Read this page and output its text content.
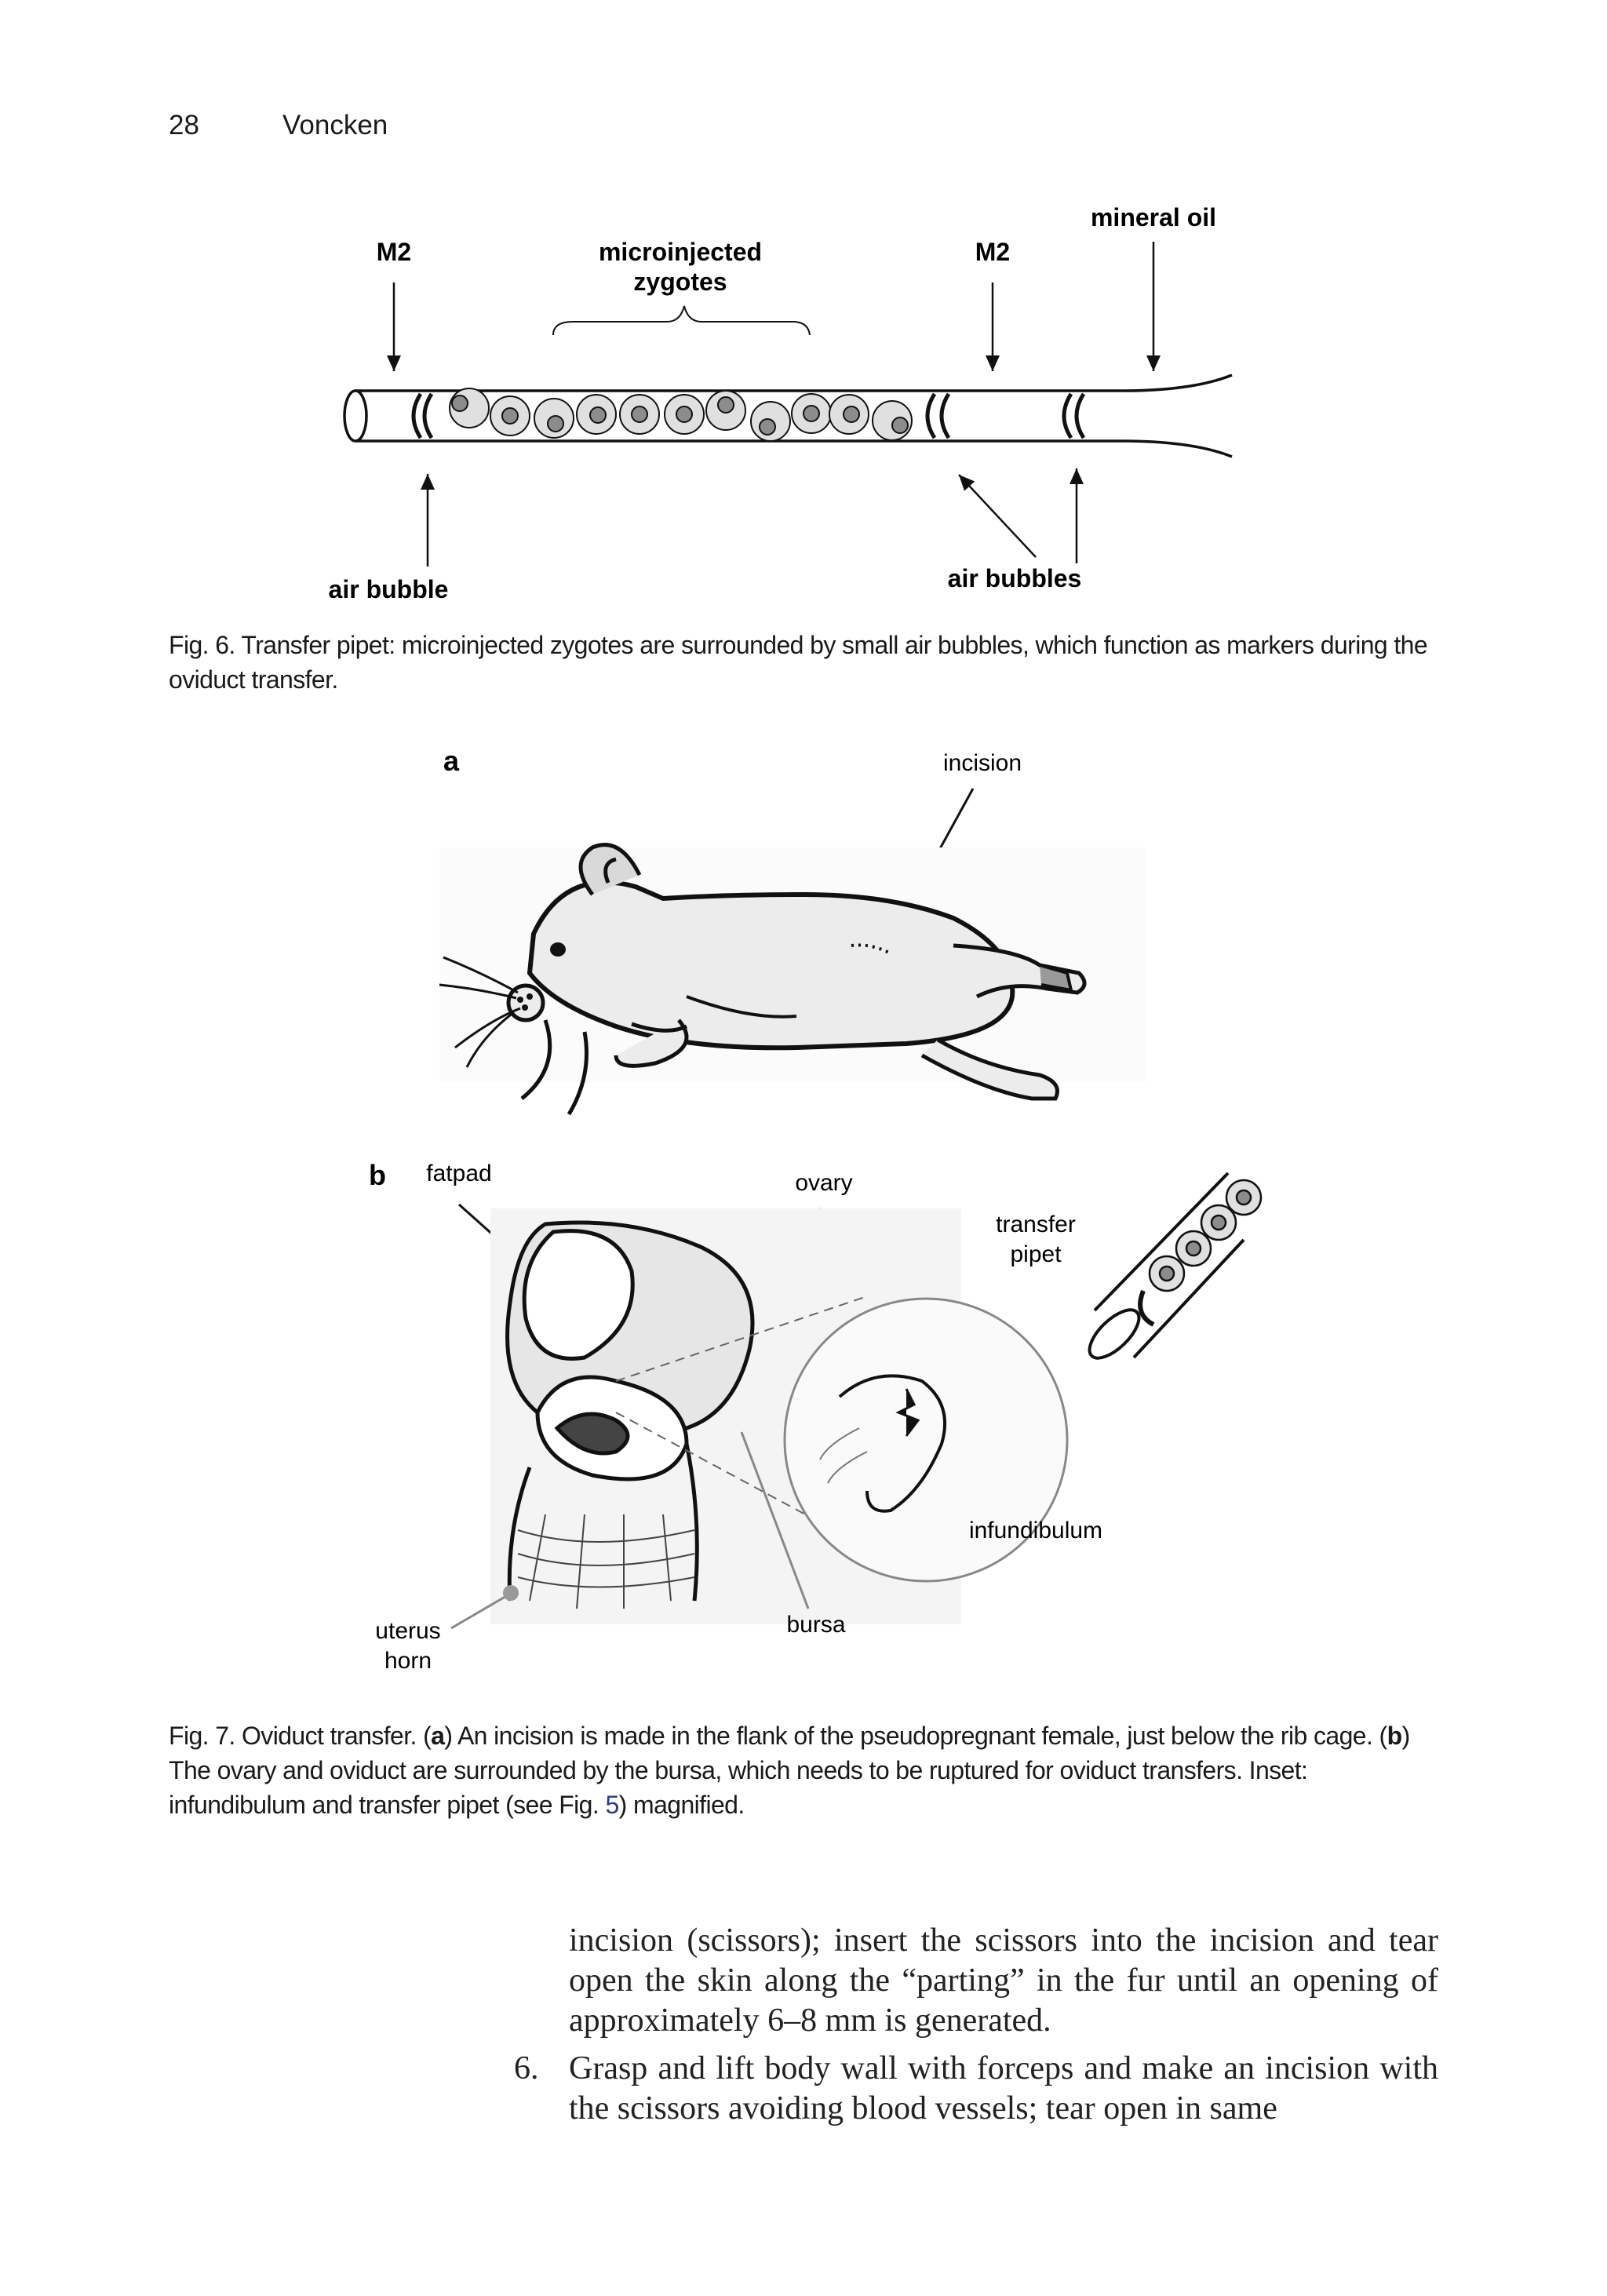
28	Voncken
mineral oil
M2	microinjected
zygotes
M2
air bubble	air bubbles
Fig. 6. Transfer pipet: microinjected zygotes are surrounded by small air bubbles, which function as markers during the oviduct transfer.
a	incision
b fatpad	ovary
transfer
pipet
uterus
horn
bursa
infundibulum
Fig. 7. Oviduct transfer. (a) An incision is made in the flank of the pseudopregnant female, just below the rib cage. (b) The ovary and oviduct are surrounded by the bursa, which needs to be ruptured for oviduct transfers. Inset: infundibulum and transfer pipet (see Fig. 5) magnified.

incision (scissors); insert the scissors into the incision and tear open the skin along the “parting” in the fur until an opening of approximately 6–8 mm is generated.

6. Grasp and lift body wall with forceps and make an incision with the scissors avoiding blood vessels; tear open in same
